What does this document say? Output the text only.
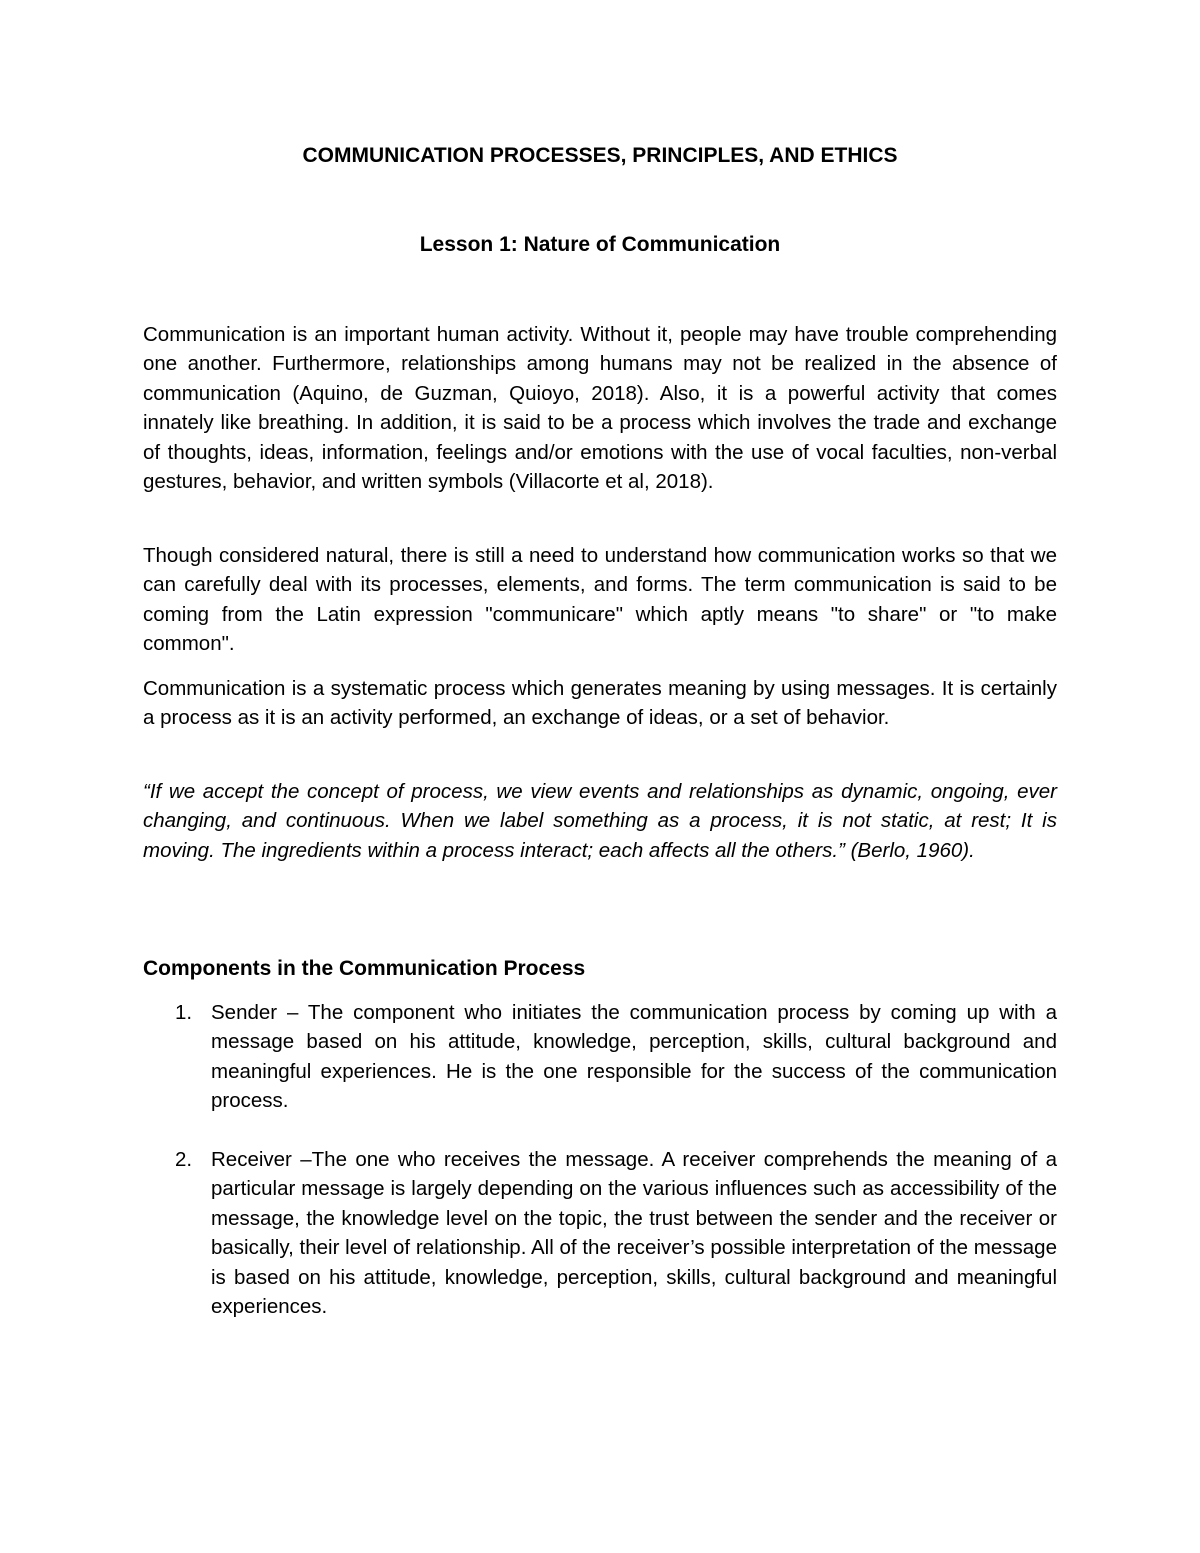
COMMUNICATION PROCESSES, PRINCIPLES, AND ETHICS
Lesson 1: Nature of Communication

Communication is an important human activity. Without it, people may have trouble comprehending one another. Furthermore, relationships among humans may not be realized in the absence of communication (Aquino, de Guzman, Quioyo, 2018). Also, it is a powerful activity that comes innately like breathing. In addition, it is said to be a process which involves the trade and exchange of thoughts, ideas, information, feelings and/or emotions with the use of vocal faculties, non-verbal gestures, behavior, and written symbols (Villacorte et al, 2018).

Though considered natural, there is still a need to understand how communication works so that we can carefully deal with its processes, elements, and forms. The term communication is said to be coming from the Latin expression "communicare" which aptly means "to share" or "to make common".

Communication is a systematic process which generates meaning by using messages. It is certainly a process as it is an activity performed, an exchange of ideas, or a set of behavior.

“If we accept the concept of process, we view events and relationships as dynamic, ongoing, ever changing, and continuous. When we label something as a process, it is not static, at rest; It is moving. The ingredients within a process interact; each affects all the others.” (Berlo, 1960).

Components in the Communication Process
1. Sender – The component who initiates the communication process by coming up with a message based on his attitude, knowledge, perception, skills, cultural background and meaningful experiences. He is the one responsible for the success of the communication process.

2. Receiver –The one who receives the message. A receiver comprehends the meaning of a particular message is largely depending on the various influences such as accessibility of the message, the knowledge level on the topic, the trust between the sender and the receiver or basically, their level of relationship. All of the receiver’s possible interpretation of the message is based on his attitude, knowledge, perception, skills, cultural background and meaningful experiences.
